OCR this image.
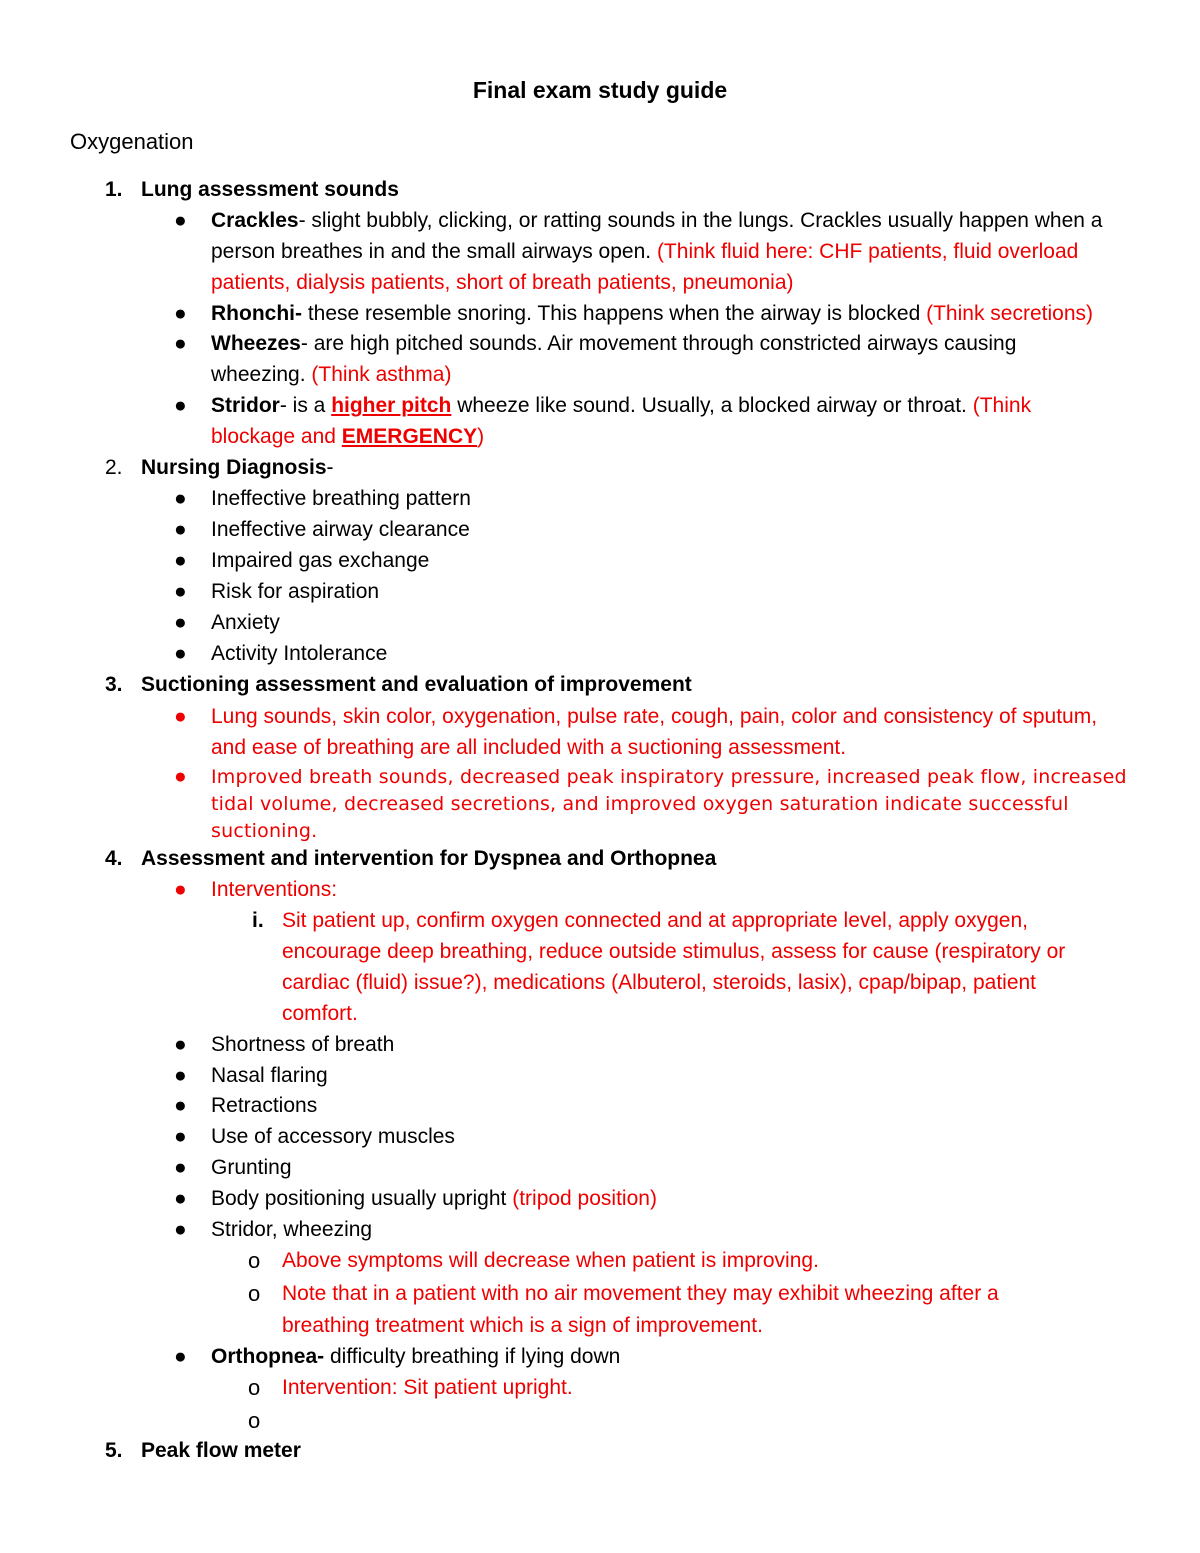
Final exam study guide
Oxygenation
1. Lung assessment sounds
● Crackles- slight bubbly, clicking, or ratting sounds in the lungs. Crackles usually happen when a
person breathes in and the small airways open. (Think fluid here: CHF patients, fluid overload
patients, dialysis patients, short of breath patients, pneumonia)
● Rhonchi- these resemble snoring. This happens when the airway is blocked (Think secretions)
● Wheezes- are high pitched sounds. Air movement through constricted airways causing
wheezing. (Think asthma)
● Stridor- is a higher pitch wheeze like sound. Usually, a blocked airway or throat. (Think
blockage and EMERGENCY)
2. Nursing Diagnosis-
● Ineffective breathing pattern
● Ineffective airway clearance
● Impaired gas exchange
● Risk for aspiration
● Anxiety
● Activity Intolerance
3. Suctioning assessment and evaluation of improvement
● Lung sounds, skin color, oxygenation, pulse rate, cough, pain, color and consistency of sputum,
and ease of breathing are all included with a suctioning assessment.
● Improved breath sounds, decreased peak inspiratory pressure, increased peak flow, increased
tidal volume, decreased secretions, and improved oxygen saturation indicate successful
suctioning.
4. Assessment and intervention for Dyspnea and Orthopnea
● Interventions:
i. Sit patient up, confirm oxygen connected and at appropriate level, apply oxygen,
encourage deep breathing, reduce outside stimulus, assess for cause (respiratory or
cardiac (fluid) issue?), medications (Albuterol, steroids, lasix), cpap/bipap, patient
comfort.
● Shortness of breath
● Nasal flaring
● Retractions
● Use of accessory muscles
● Grunting
● Body positioning usually upright (tripod position)
● Stridor, wheezing
o Above symptoms will decrease when patient is improving.
o Note that in a patient with no air movement they may exhibit wheezing after a
breathing treatment which is a sign of improvement.
● Orthopnea- difficulty breathing if lying down
o Intervention: Sit patient upright.
o
5. Peak flow meter
